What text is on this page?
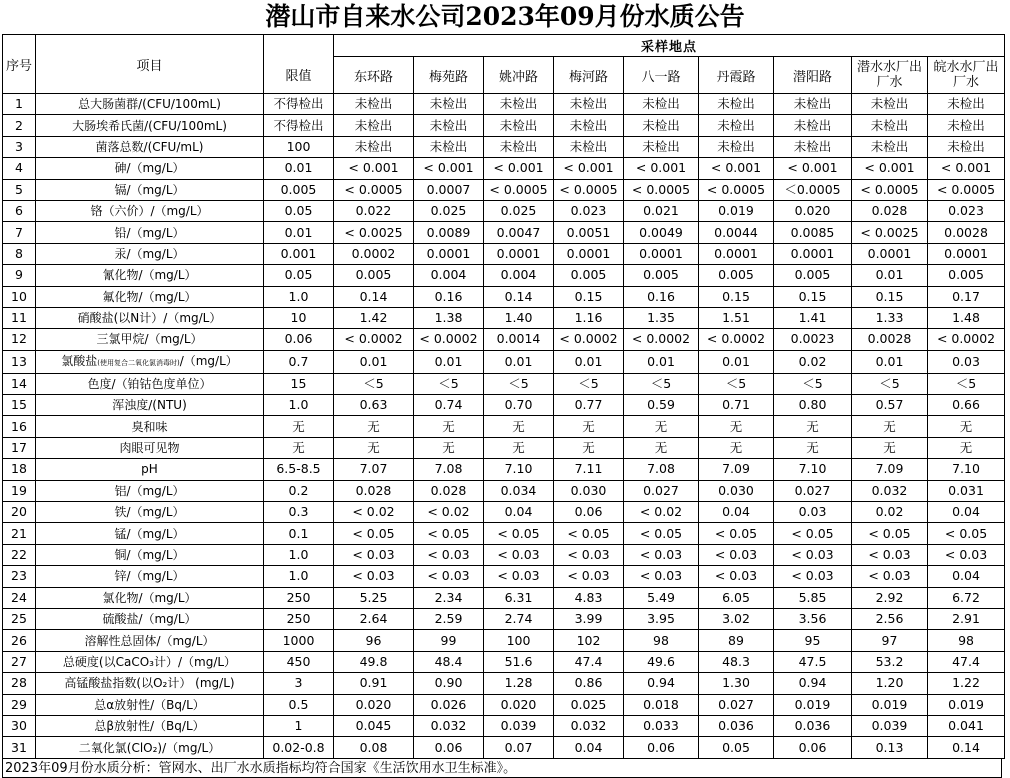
潜山市自来水公司2023年09月份水质公告
序号	项目		采样地点								
		限值	东环路	梅苑路	姚冲路	梅河路	八一路	丹霞路	潜阳路	潜水水厂出厂水	皖水水厂出厂水
1	总大肠菌群/(CFU/100mL)	不得检出	未检出	未检出	未检出	未检出	未检出	未检出	未检出	未检出	未检出
2	大肠埃希氏菌/(CFU/100mL)	不得检出	未检出	未检出	未检出	未检出	未检出	未检出	未检出	未检出	未检出
3	菌落总数/(CFU/mL)	100	未检出	未检出	未检出	未检出	未检出	未检出	未检出	未检出	未检出
4	砷/（mg/L）	0.01	< 0.001	< 0.001	< 0.001	< 0.001	< 0.001	< 0.001	< 0.001	< 0.001	< 0.001
5	镉/（mg/L）	0.005	< 0.0005	0.0007	< 0.0005	< 0.0005	< 0.0005	< 0.0005	＜0.0005	< 0.0005	< 0.0005
6	铬（六价）/（mg/L）	0.05	0.022	0.025	0.025	0.023	0.021	0.019	0.020	0.028	0.023
7	铅/（mg/L）	0.01	< 0.0025	0.0089	0.0047	0.0051	0.0049	0.0044	0.0085	< 0.0025	0.0028
8	汞/（mg/L）	0.001	0.0002	0.0001	0.0001	0.0001	0.0001	0.0001	0.0001	0.0001	0.0001
9	氰化物/（mg/L）	0.05	0.005	0.004	0.004	0.005	0.005	0.005	0.005	0.01	0.005
10	氟化物/（mg/L）	1.0	0.14	0.16	0.14	0.15	0.16	0.15	0.15	0.15	0.17
11	硝酸盐(以N计）/（mg/L）	10	1.42	1.38	1.40	1.16	1.35	1.51	1.41	1.33	1.48
12	三氯甲烷/（mg/L）	0.06	< 0.0002	< 0.0002	0.0014	< 0.0002	< 0.0002	< 0.0002	0.0023	0.0028	< 0.0002
13	氯酸盐(使用复合二氧化氯消毒时)/（mg/L）	0.7	0.01	0.01	0.01	0.01	0.01	0.01	0.02	0.01	0.03
14	色度/（铂钴色度单位）	15	＜5	＜5	＜5	＜5	＜5	＜5	＜5	＜5	＜5
15	浑浊度/(NTU)	1.0	0.63	0.74	0.70	0.77	0.59	0.71	0.80	0.57	0.66
16	臭和味	无	无	无	无	无	无	无	无	无	无
17	肉眼可见物	无	无	无	无	无	无	无	无	无	无
18	pH	6.5-8.5	7.07	7.08	7.10	7.11	7.08	7.09	7.10	7.09	7.10
19	铝/（mg/L）	0.2	0.028	0.028	0.034	0.030	0.027	0.030	0.027	0.032	0.031
20	铁/（mg/L）	0.3	< 0.02	< 0.02	0.04	0.06	< 0.02	0.04	0.03	0.02	0.04
21	锰/（mg/L）	0.1	< 0.05	< 0.05	< 0.05	< 0.05	< 0.05	< 0.05	< 0.05	< 0.05	< 0.05
22	铜/（mg/L）	1.0	< 0.03	< 0.03	< 0.03	< 0.03	< 0.03	< 0.03	< 0.03	< 0.03	< 0.03
23	锌/（mg/L）	1.0	< 0.03	< 0.03	< 0.03	< 0.03	< 0.03	< 0.03	< 0.03	< 0.03	0.04
24	氯化物/（mg/L）	250	5.25	2.34	6.31	4.83	5.49	6.05	5.85	2.92	6.72
25	硫酸盐/（mg/L）	250	2.64	2.59	2.74	3.99	3.95	3.02	3.56	2.56	2.91
26	溶解性总固体/（mg/L）	1000	96	99	100	102	98	89	95	97	98
27	总硬度(以CaCO₃计）/（mg/L）	450	49.8	48.4	51.6	47.4	49.6	48.3	47.5	53.2	47.4
28	高锰酸盐指数(以O₂计） (mg/L)	3	0.91	0.90	1.28	0.86	0.94	1.30	0.94	1.20	1.22
29	总α放射性/（Bq/L）	0.5	0.020	0.026	0.020	0.025	0.018	0.027	0.019	0.019	0.019
30	总β放射性/（Bq/L）	1	0.045	0.032	0.039	0.032	0.033	0.036	0.036	0.039	0.041
31	二氧化氯(ClO₂)/（mg/L）	0.02-0.8	0.08	0.06	0.07	0.04	0.06	0.05	0.06	0.13	0.14
2023年09月份水质分析：管网水、出厂水水质指标均符合国家《生活饮用水卫生标准》。
